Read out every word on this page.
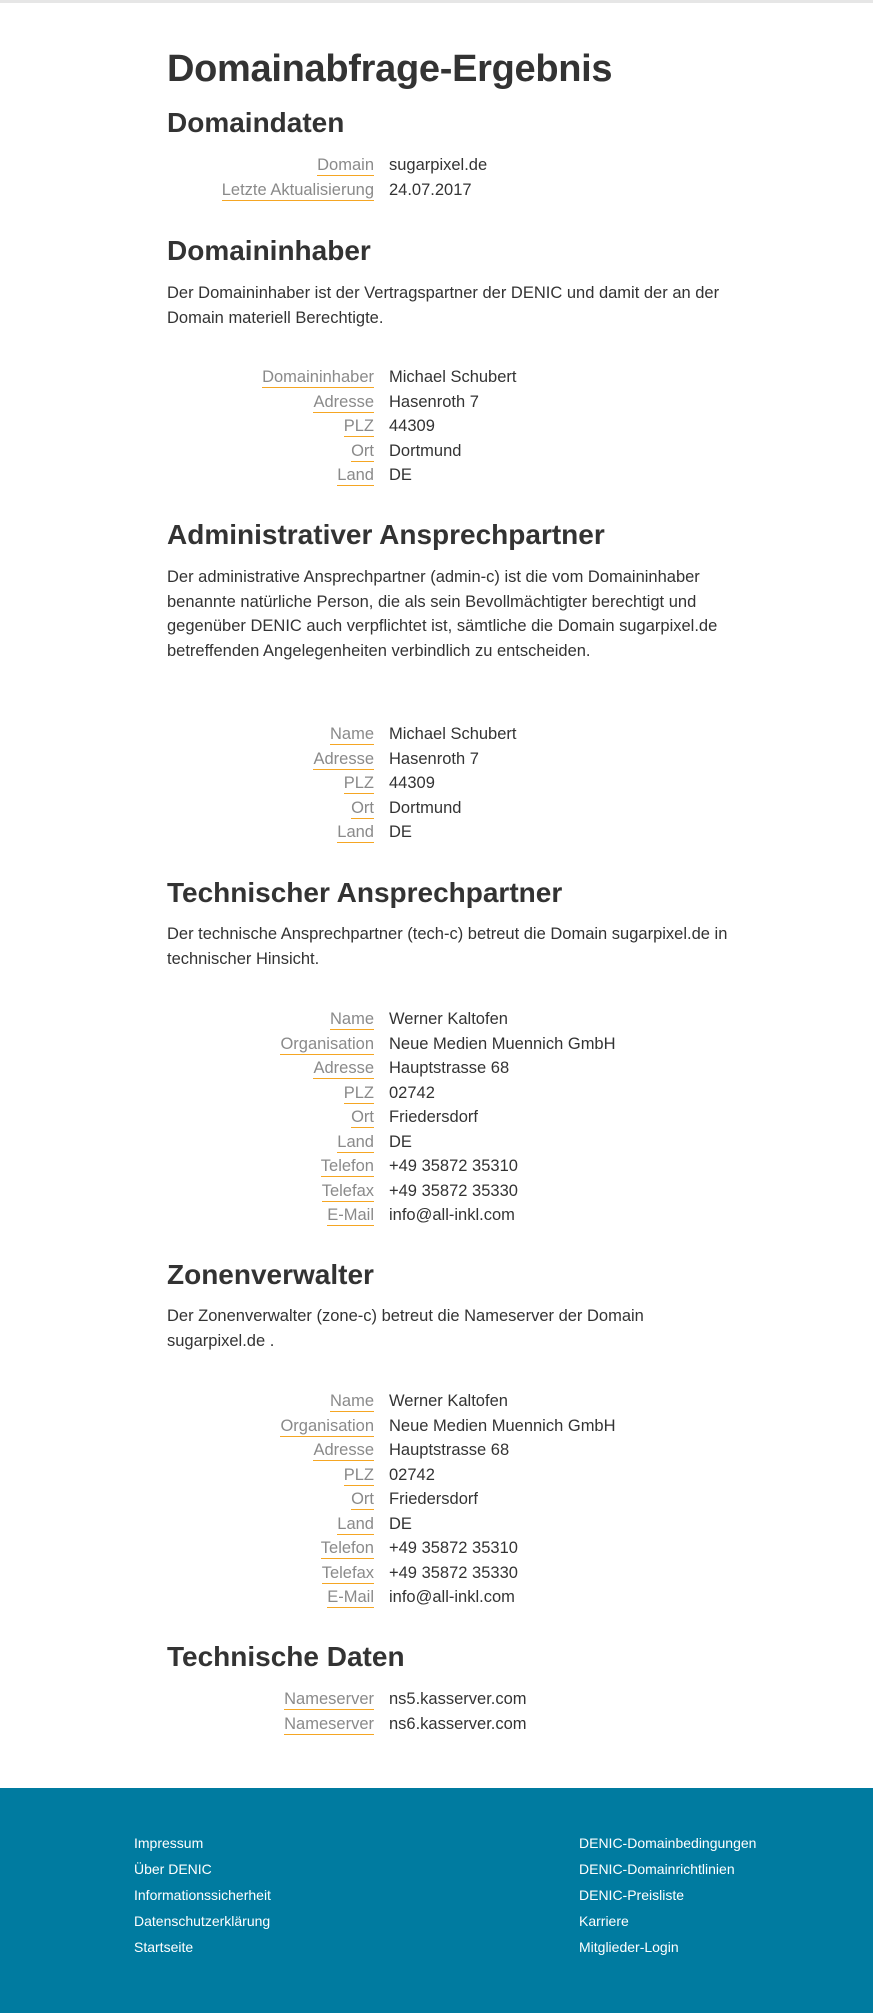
Domainabfrage-Ergebnis
Domaindaten
Domain sugarpixel.de
Letzte Aktualisierung 24.07.2017
Domaininhaber

Der Domaininhaber ist der Vertragspartner der DENIC und damit der an der Domain materiell Berechtigte.

Domaininhaber Michael Schubert
Adresse Hasenroth 7
PLZ 44309
Ort Dortmund
Land DE
Administrativer Ansprechpartner

Der administrative Ansprechpartner (admin-c) ist die vom Domaininhaber benannte natürliche Person, die als sein Bevollmächtigter berechtigt und gegenüber DENIC auch verpflichtet ist, sämtliche die Domain sugarpixel.de betreffenden Angelegenheiten verbindlich zu entscheiden.

Name Michael Schubert
Adresse Hasenroth 7
PLZ 44309
Ort Dortmund
Land DE
Technischer Ansprechpartner

Der technische Ansprechpartner (tech-c) betreut die Domain sugarpixel.de in technischer Hinsicht.

Name Werner Kaltofen
Organisation Neue Medien Muennich GmbH
Adresse Hauptstrasse 68
PLZ 02742
Ort Friedersdorf
Land DE
Telefon +49 35872 35310
Telefax +49 35872 35330
E-Mail info@all-inkl.com
Zonenverwalter

Der Zonenverwalter (zone-c) betreut die Nameserver der Domain sugarpixel.de .

Name Werner Kaltofen
Organisation Neue Medien Muennich GmbH
Adresse Hauptstrasse 68
PLZ 02742
Ort Friedersdorf
Land DE
Telefon +49 35872 35310
Telefax +49 35872 35330
E-Mail info@all-inkl.com
Technische Daten
Nameserver ns5.kasserver.com
Nameserver ns6.kasserver.com
Impressum
Über DENIC
Informationssicherheit
Datenschutzerklärung
Startseite
DENIC-Domainbedingungen
DENIC-Domainrichtlinien
DENIC-Preisliste
Karriere
Mitglieder-Login
